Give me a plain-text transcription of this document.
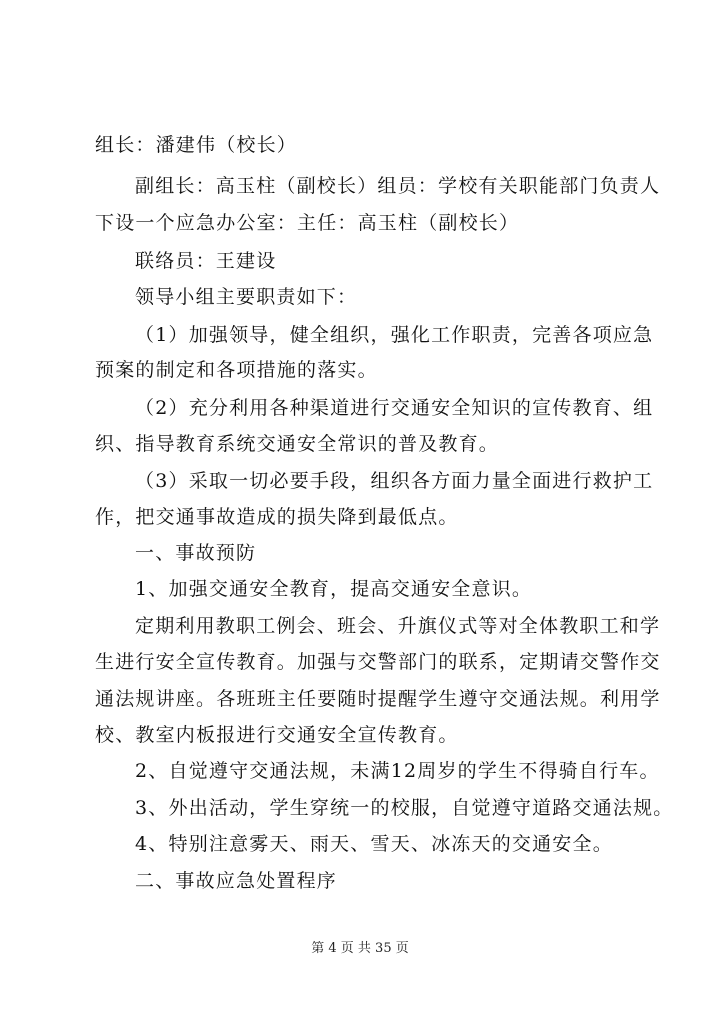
组长：潘建伟（校长）
副组长：高玉柱（副校长）组员：学校有关职能部门负责人
下设一个应急办公室：主任：高玉柱（副校长）
联络员：王建设
领导小组主要职责如下：
（1）加强领导，健全组织，强化工作职责，完善各项应急
预案的制定和各项措施的落实。
（2）充分利用各种渠道进行交通安全知识的宣传教育、组
织、指导教育系统交通安全常识的普及教育。
（3）采取一切必要手段，组织各方面力量全面进行救护工
作，把交通事故造成的损失降到最低点。
一、事故预防
1、加强交通安全教育，提高交通安全意识。
定期利用教职工例会、班会、升旗仪式等对全体教职工和学
生进行安全宣传教育。加强与交警部门的联系，定期请交警作交
通法规讲座。各班班主任要随时提醒学生遵守交通法规。利用学
校、教室内板报进行交通安全宣传教育。
2、自觉遵守交通法规，未满12周岁的学生不得骑自行车。
3、外出活动，学生穿统一的校服，自觉遵守道路交通法规。
4、特别注意雾天、雨天、雪天、冰冻天的交通安全。
二、事故应急处置程序
第 4 页 共 35 页
